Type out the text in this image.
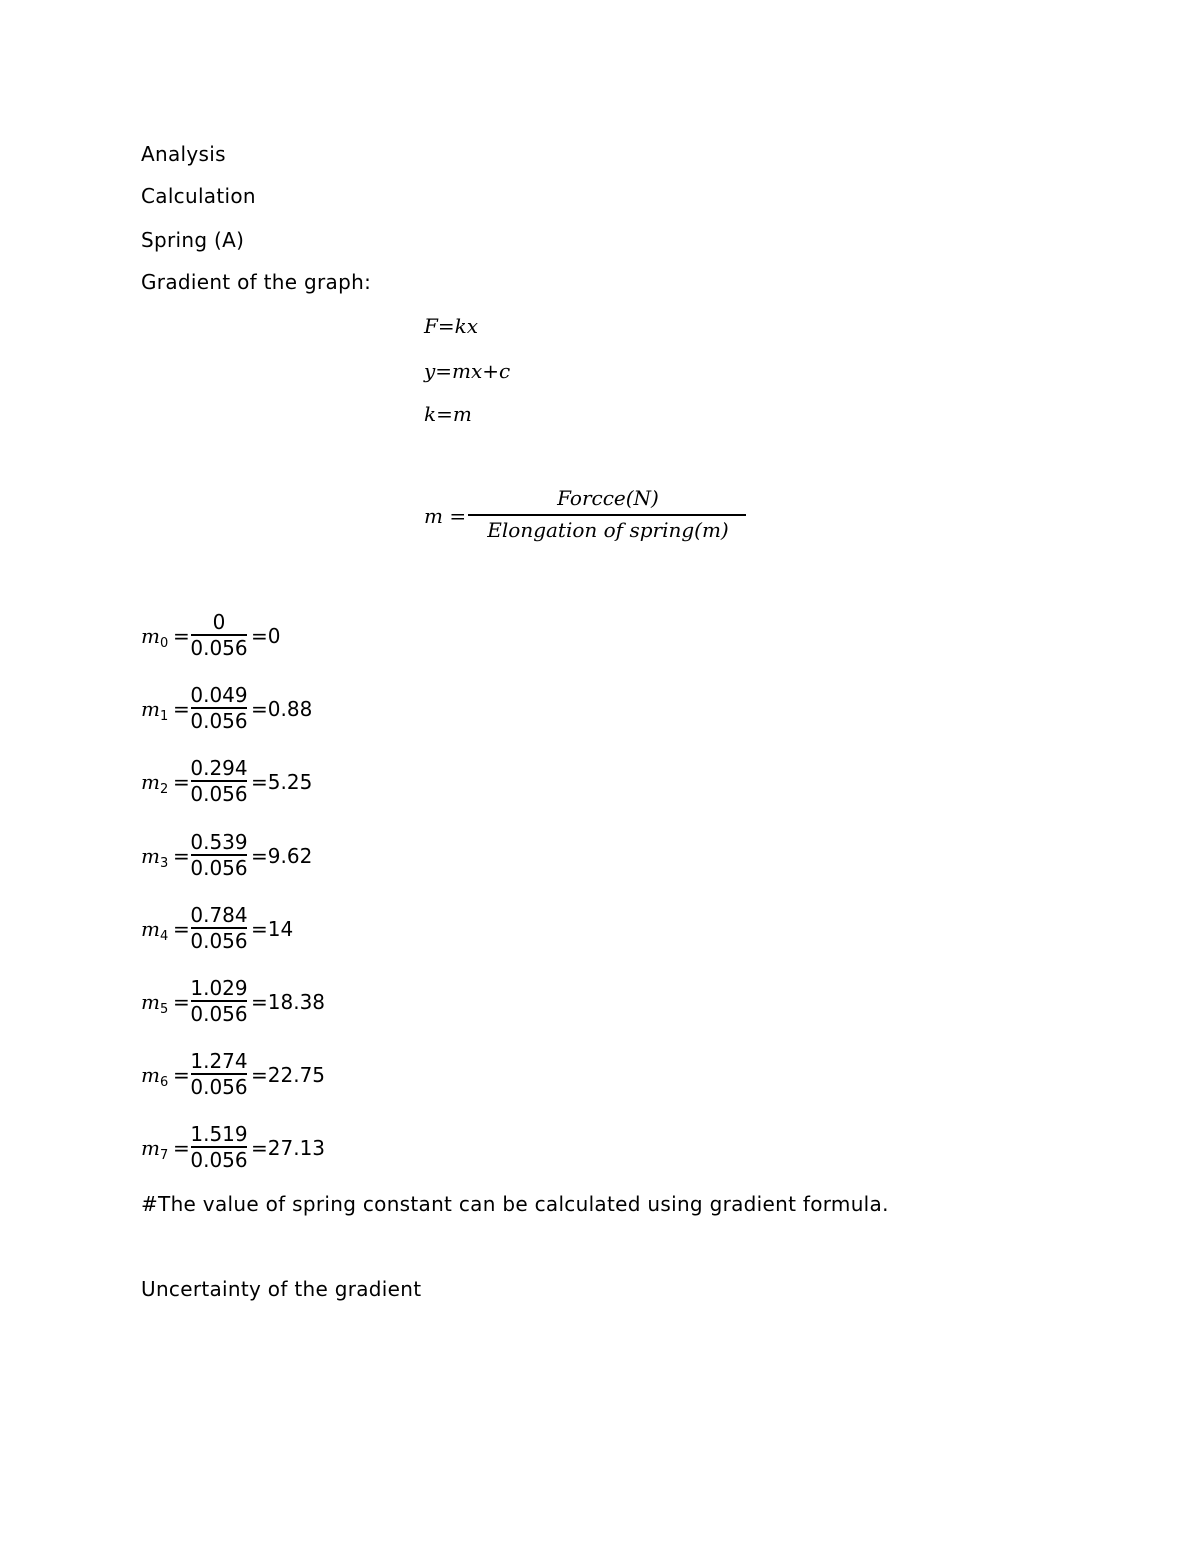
Analysis
Calculation
Spring (A)
Gradient of the graph:
F=kx
y=mx+c
k=m
m =
Forcce(N)
Elongation of spring(m)
$m_0$ =
0
0.056 =0
$m_1$ =
0.049
0.056 =0.88
$m_2$ =
0.294
0.056 =5.25
$m_3$ =
0.539
0.056 =9.62
$m_4$ =
0.784
0.056 =14
$m_5$ =
1.029
0.056 =18.38
$m_6$ =
1.274
0.056 =22.75
$m_7$ =
1.519
0.056 =27.13
#The value of spring constant can be calculated using gradient formula.
Uncertainty of the gradient
